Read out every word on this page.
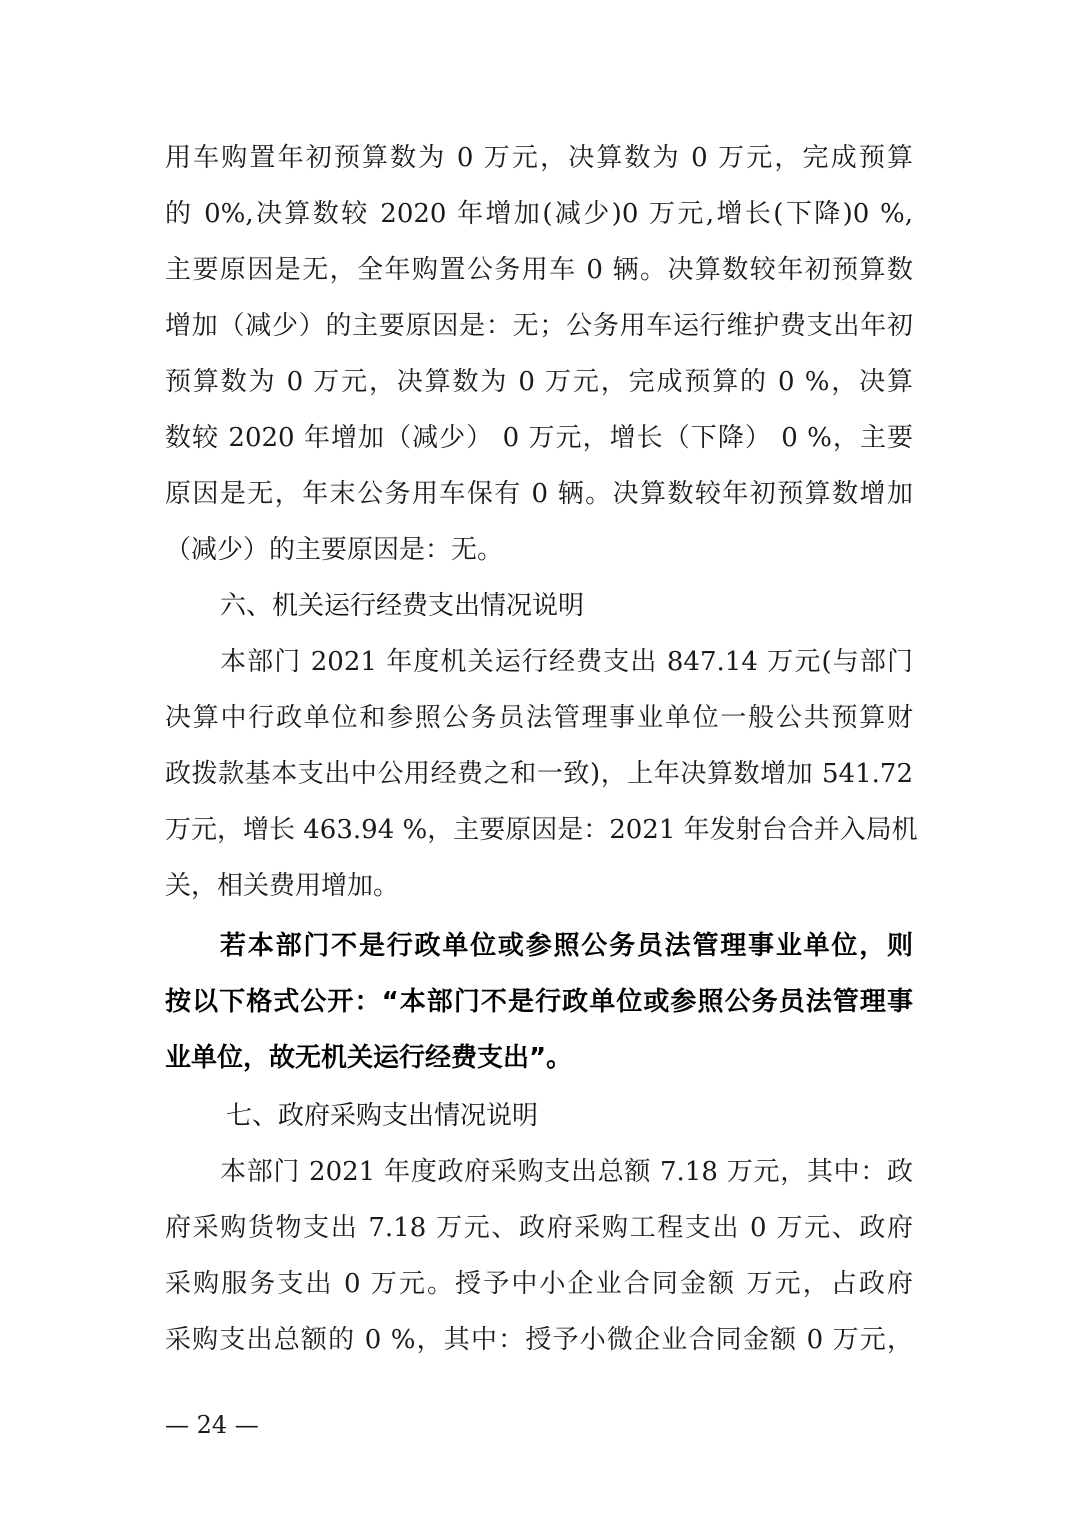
用车购置年初预算数为 0 万元，决算数为 0 万元，完成预算
的 0%,决算数较 2020 年增加(减少)0 万元,增长(下降)0 %,
主要原因是无，全年购置公务用车 0 辆。决算数较年初预算数
增加（减少）的主要原因是：无；公务用车运行维护费支出年初
预算数为 0 万元，决算数为 0 万元，完成预算的 0 %，决算
数较 2020 年增加（减少） 0 万元，增长（下降） 0 %，主要
原因是无，年末公务用车保有 0 辆。决算数较年初预算数增加
（减少）的主要原因是：无。
六、机关运行经费支出情况说明
本部门 2021 年度机关运行经费支出 847.14 万元(与部门
决算中行政单位和参照公务员法管理事业单位一般公共预算财
政拨款基本支出中公用经费之和一致)，上年决算数增加 541.72
万元，增长 463.94 %，主要原因是：2021 年发射台合并入局机
关，相关费用增加。
若本部门不是行政单位或参照公务员法管理事业单位，则
按以下格式公开：“本部门不是行政单位或参照公务员法管理事
业单位，故无机关运行经费支出”。
七、政府采购支出情况说明
本部门 2021 年度政府采购支出总额 7.18 万元，其中：政
府采购货物支出 7.18 万元、政府采购工程支出 0 万元、政府
采购服务支出 0 万元。授予中小企业合同金额 万元，占政府
采购支出总额的 0 %，其中：授予小微企业合同金额 0 万元，
— 24 —
